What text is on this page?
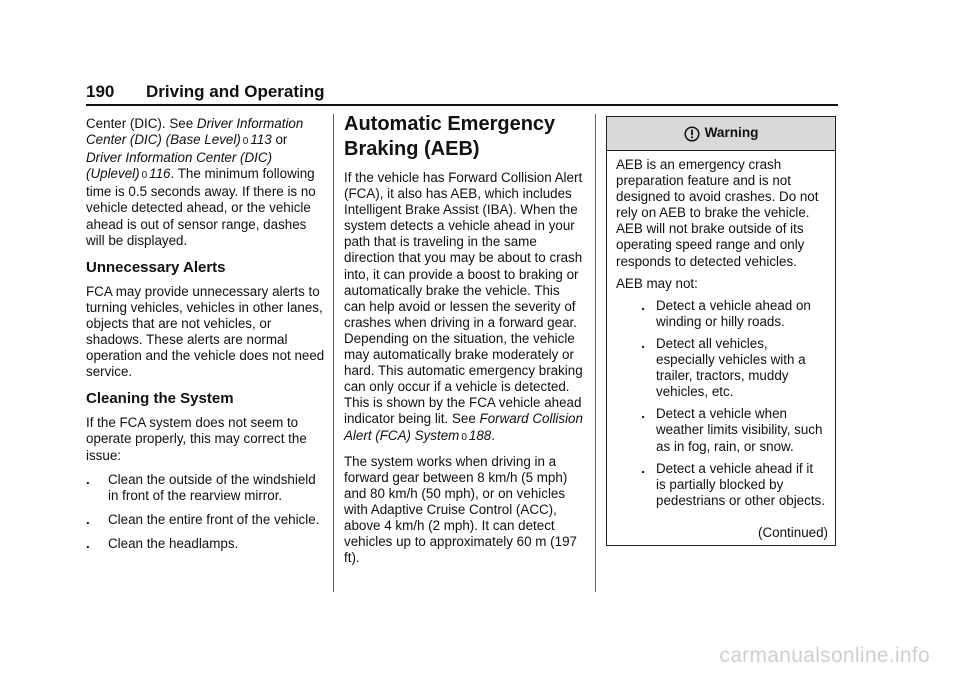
190 Driving and Operating

Center (DIC). See Driver Information Center (DIC) (Base Level) 0 113 or Driver Information Center (DIC) (Uplevel) 0 116. The minimum following time is 0.5 seconds away. If there is no vehicle detected ahead, or the vehicle ahead is out of sensor range, dashes will be displayed.

Unnecessary Alerts

FCA may provide unnecessary alerts to turning vehicles, vehicles in other lanes, objects that are not vehicles, or shadows. These alerts are normal operation and the vehicle does not need service.

Cleaning the System

If the FCA system does not seem to operate properly, this may correct the issue:

.	Clean the outside of the windshield in front of the rearview mirror.
.	Clean the entire front of the vehicle.
.	Clean the headlamps.
Automatic Emergency Braking (AEB)

If the vehicle has Forward Collision Alert (FCA), it also has AEB, which includes Intelligent Brake Assist (IBA). When the system detects a vehicle ahead in your path that is traveling in the same direction that you may be about to crash into, it can provide a boost to braking or automatically brake the vehicle. This can help avoid or lessen the severity of crashes when driving in a forward gear. Depending on the situation, the vehicle may automatically brake moderately or hard. This automatic emergency braking can only occur if a vehicle is detected. This is shown by the FCA vehicle ahead indicator being lit. See Forward Collision Alert (FCA) System 0 188.

The system works when driving in a forward gear between 8 km/h (5 mph) and 80 km/h (50 mph), or on vehicles with Adaptive Cruise Control (ACC), above 4 km/h (2 mph). It can detect vehicles up to approximately 60 m (197 ft).

Warning

AEB is an emergency crash preparation feature and is not designed to avoid crashes. Do not rely on AEB to brake the vehicle. AEB will not brake outside of its operating speed range and only responds to detected vehicles.

AEB may not:

. Detect a vehicle ahead on winding or hilly roads.
. Detect all vehicles, especially vehicles with a trailer, tractors, muddy vehicles, etc.
. Detect a vehicle when weather limits visibility, such as in fog, rain, or snow.
. Detect a vehicle ahead if it is partially blocked by pedestrians or other objects.
(Continued)
carmanualsonline.info
